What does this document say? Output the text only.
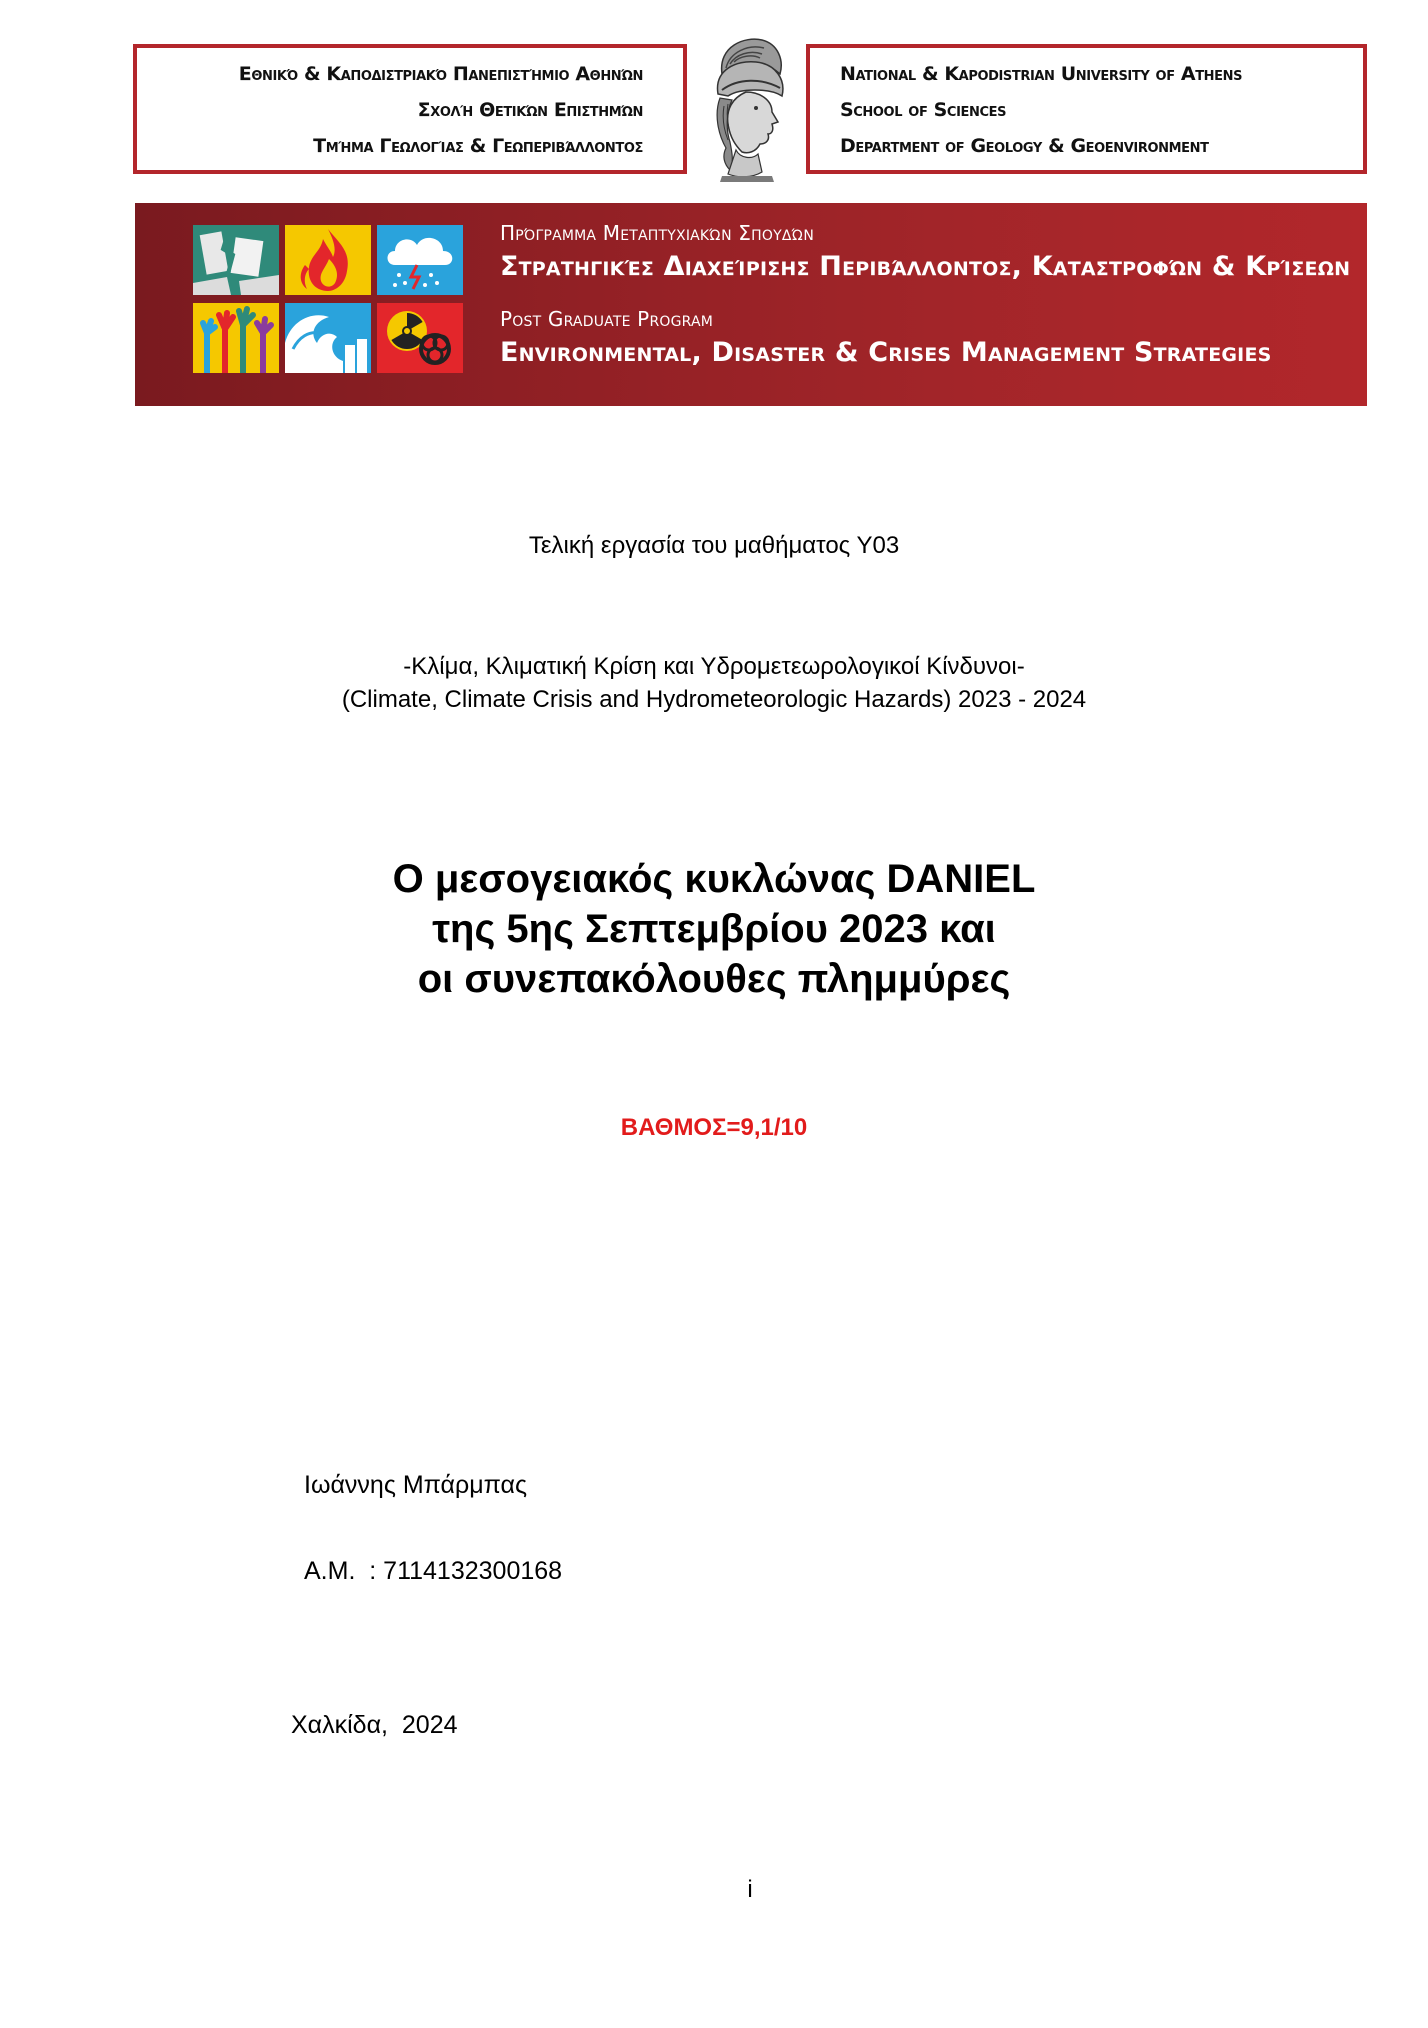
Εθνικό & Καποδιστριακό Πανεπιστήμιο Αθηνών
Σχολή Θετικών Επιστημών
Τμήμα Γεωλογίας & Γεωπεριβάλλοντος
National & Kapodistrian University of Athens
School of Sciences
Department of Geology & Geoenvironment
Πρόγραμμα Μεταπτυχιακών Σπουδών
Στρατηγικές Διαχείρισης Περιβάλλοντος, Καταστροφών & Κρίσεων
Post Graduate Program
Environmental, Disaster & Crises Management Strategies
Τελική εργασία του μαθήματος Υ03
-Κλίμα, Κλιματική Κρίση και Υδρομετεωρολογικοί Κίνδυνοι-
(Climate, Climate Crisis and Hydrometeorologic Hazards) 2023 - 2024
Ο μεσογειακός κυκλώνας DANIEL
της 5ης Σεπτεμβρίου 2023 και
οι συνεπακόλουθες πλημμύρες
ΒΑΘΜΟΣ=9,1/10
Ιωάννης Μπάρμπας
Α.Μ.  : 7114132300168
Χαλκίδα,  2024
i
